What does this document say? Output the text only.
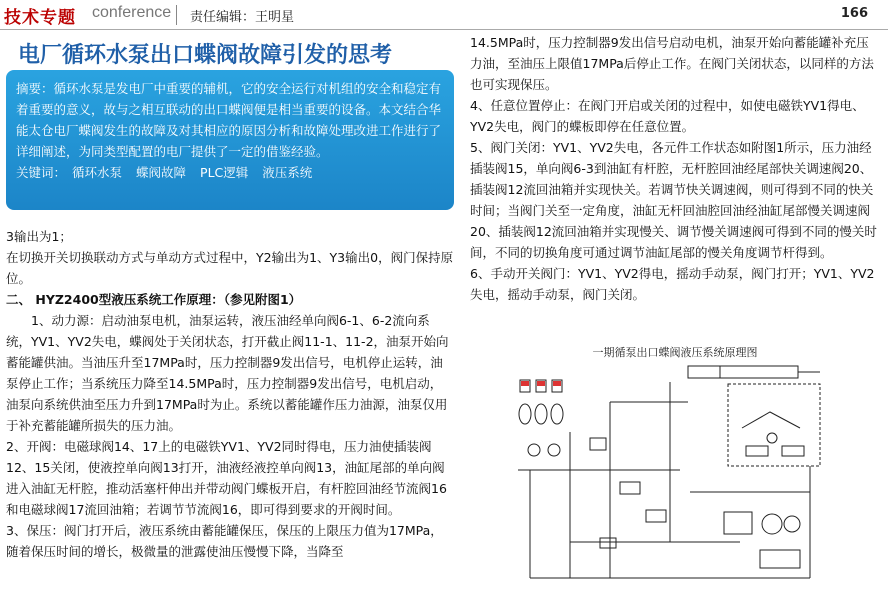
技术专题 conference 责任编辑：王明星	166
电厂循环水泵出口蝶阀故障引发的思考
摘要：循环水泵是发电厂中重要的辅机，它的安全运行对机组的安全和稳定有着重要的意义，故与之相互联动的出口蝶阀便是相当重要的设备。本文结合华能太仓电厂蝶阀发生的故障及对其相应的原因分析和故障处理改进工作进行了详细阐述，为同类型配置的电厂提供了一定的借鉴经验。
关键词： 循环水泵 蝶阀故障 PLC逻辑 液压系统

3输出为1；

在切换开关切换联动方式与单动方式过程中，Y2输出为1、Y3输出0，阀门保持原位。

二、 HYZ2400型液压系统工作原理：（参见附图1）

1、动力源：启动油泵电机，油泵运转，液压油经单向阀6-1、6-2流向系统，YV1、YV2失电，蝶阀处于关闭状态，打开截止阀11-1、11-2，油泵开始向蓄能罐供油。当油压升至17MPa时，压力控制器9发出信号，电机停止运转，油泵停止工作；当系统压力降至14.5MPa时，压力控制器9发出信号，电机启动，油泵向系统供油至压力升到17MPa时为止。系统以蓄能罐作压力油源，油泵仅用于补充蓄能罐所损失的压力油。

2、开阀：电磁球阀14、17上的电磁铁YV1、YV2同时得电，压力油使插装阀12、15关闭，使液控单向阀13打开，油液经液控单向阀13，油缸尾部的单向阀进入油缸无杆腔，推动活塞杆伸出并带动阀门蝶板开启，有杆腔回油经节流阀16和电磁球阀17流回油箱；若调节节流阀16，即可得到要求的开阀时间。

3、保压：阀门打开后，液压系统由蓄能罐保压，保压的上限压力值为17MPa，随着保压时间的增长，极微量的泄露使油压慢慢下降，当降至

14.5MPa时，压力控制器9发出信号启动电机，油泵开始向蓄能罐补充压力油，至油压上限值17MPa后停止工作。在阀门关闭状态，以同样的方法也可实现保压。

4、任意位置停止：在阀门开启或关闭的过程中，如使电磁铁YV1得电、YV2失电，阀门的蝶板即停在任意位置。

5、阀门关闭：YV1、YV2失电，各元件工作状态如附图1所示，压力油经插装阀15，单向阀6-3到油缸有杆腔，无杆腔回油经尾部快关调速阀20、插装阀12流回油箱并实现快关。若调节快关调速阀，则可得到不同的快关时间；当阀门关至一定角度，油缸无杆回油腔回油经油缸尾部慢关调速阀20、插装阀12流回油箱并实现慢关、调节慢关调速阀可得到不同的慢关时间，不同的切换角度可通过调节油缸尾部的慢关角度调节杆得到。

6、手动开关阀门：YV1、YV2得电，摇动手动泵，阀门打开；YV1、YV2失电，摇动手动泵，阀门关闭。

一期循泵出口蝶阀液压系统原理图
